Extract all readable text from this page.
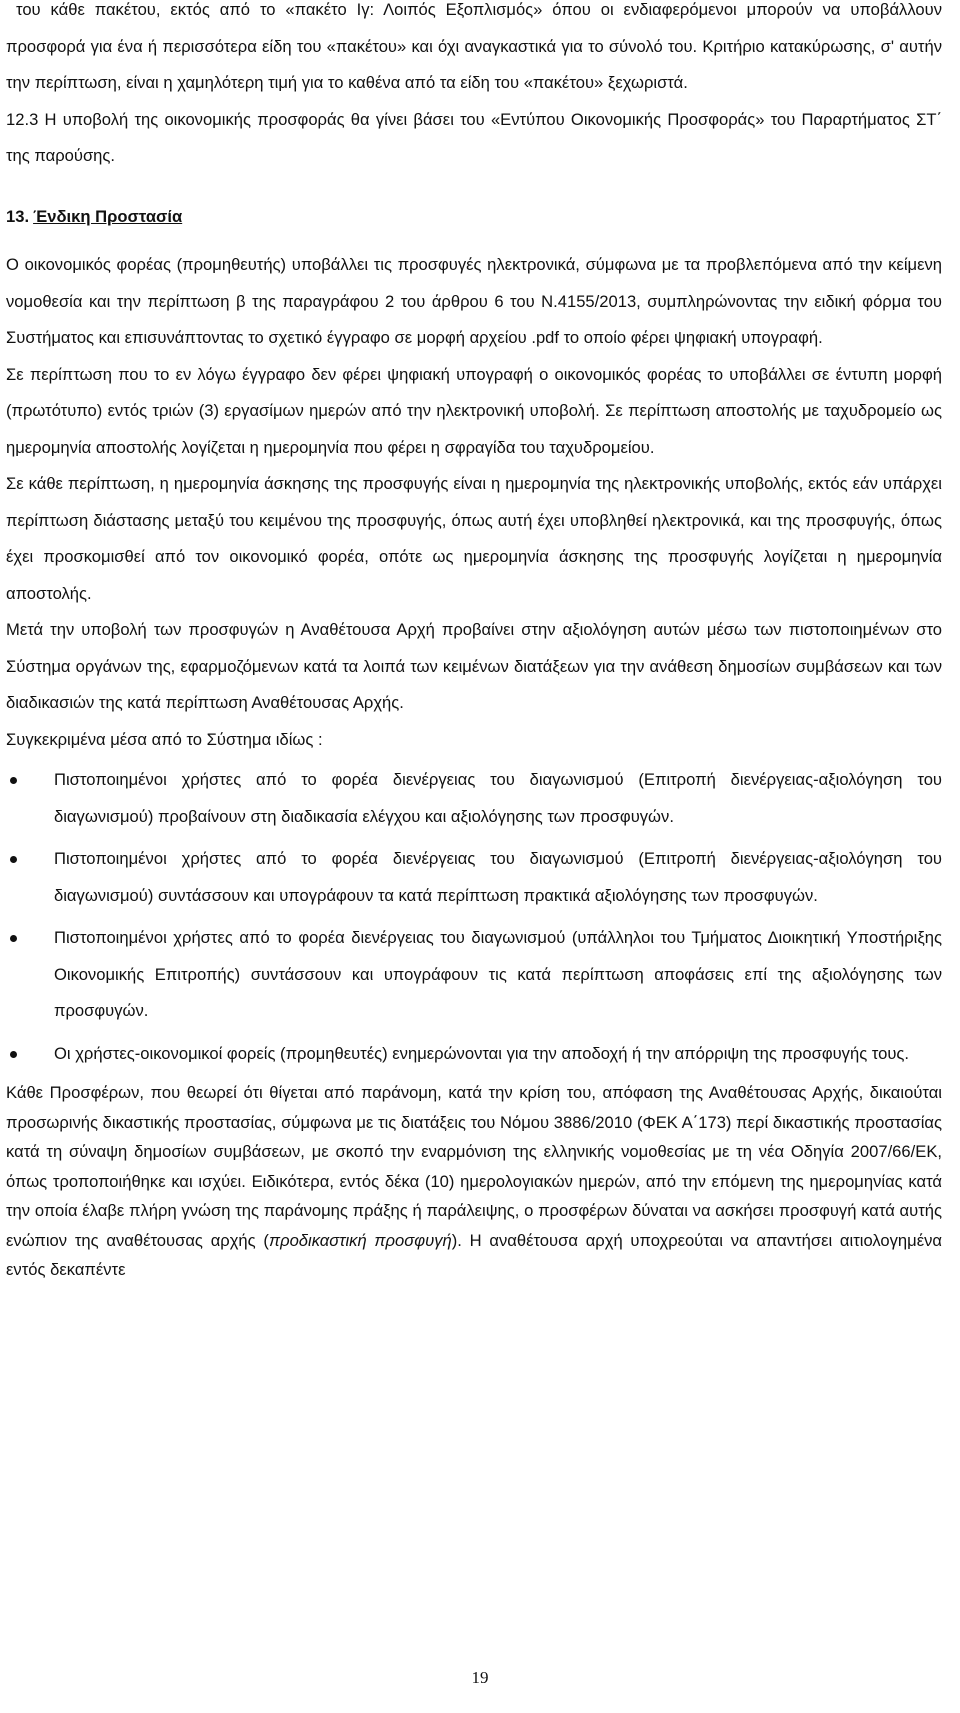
του κάθε πακέτου, εκτός από το «πακέτο Ιγ: Λοιπός Εξοπλισμός» όπου οι ενδιαφερόμενοι μπορούν να υποβάλλουν προσφορά για ένα ή περισσότερα είδη του «πακέτου» και όχι αναγκαστικά για το σύνολό του. Κριτήριο κατακύρωσης, σ' αυτήν την περίπτωση, είναι η χαμηλότερη τιμή για το καθένα από τα είδη του «πακέτου» ξεχωριστά.

12.3 Η υποβολή της οικονομικής προσφοράς θα γίνει βάσει του «Εντύπου Οικονομικής Προσφοράς» του Παραρτήματος ΣΤ΄ της παρούσης.

13. Ένδικη Προστασία

Ο οικονομικός φορέας (προμηθευτής) υποβάλλει τις προσφυγές ηλεκτρονικά, σύμφωνα με τα προβλεπόμενα από την κείμενη νομοθεσία και την περίπτωση β της παραγράφου 2 του άρθρου 6 του Ν.4155/2013, συμπληρώνοντας την ειδική φόρμα του Συστήματος και επισυνάπτοντας το σχετικό έγγραφο σε μορφή αρχείου .pdf το οποίο φέρει ψηφιακή υπογραφή.

Σε περίπτωση που το εν λόγω έγγραφο δεν φέρει ψηφιακή υπογραφή ο οικονομικός φορέας το υποβάλλει σε έντυπη μορφή (πρωτότυπο) εντός τριών (3) εργασίμων ημερών από την ηλεκτρονική υποβολή. Σε περίπτωση αποστολής με ταχυδρομείο ως ημερομηνία αποστολής λογίζεται η ημερομηνία που φέρει η σφραγίδα του ταχυδρομείου.

Σε κάθε περίπτωση, η ημερομηνία άσκησης της προσφυγής είναι η ημερομηνία της ηλεκτρονικής υποβολής, εκτός εάν υπάρχει περίπτωση διάστασης μεταξύ του κειμένου της προσφυγής, όπως αυτή έχει υποβληθεί ηλεκτρονικά, και της προσφυγής, όπως έχει προσκομισθεί από τον οικονομικό φορέα, οπότε ως ημερομηνία άσκησης της προσφυγής λογίζεται η ημερομηνία αποστολής.

Μετά την υποβολή των προσφυγών η Αναθέτουσα Αρχή προβαίνει στην αξιολόγηση αυτών μέσω των πιστοποιημένων στο Σύστημα οργάνων της, εφαρμοζόμενων κατά τα λοιπά των κειμένων διατάξεων για την ανάθεση δημοσίων συμβάσεων και των διαδικασιών της κατά περίπτωση Αναθέτουσας Αρχής.

Συγκεκριμένα μέσα από το Σύστημα ιδίως :

Πιστοποιημένοι χρήστες από το φορέα διενέργειας του διαγωνισμού (Επιτροπή διενέργειας-αξιολόγηση του διαγωνισμού) προβαίνουν στη διαδικασία ελέγχου και αξιολόγησης των προσφυγών.
Πιστοποιημένοι χρήστες από το φορέα διενέργειας του διαγωνισμού (Επιτροπή διενέργειας-αξιολόγηση του διαγωνισμού) συντάσσουν και υπογράφουν τα κατά περίπτωση πρακτικά αξιολόγησης των προσφυγών.
Πιστοποιημένοι χρήστες από το φορέα διενέργειας του διαγωνισμού (υπάλληλοι του Τμήματος Διοικητική Υποστήριξης Οικονομικής Επιτροπής) συντάσσουν και υπογράφουν τις κατά περίπτωση αποφάσεις επί της αξιολόγησης των προσφυγών.
Οι χρήστες-οικονομικοί φορείς (προμηθευτές) ενημερώνονται για την αποδοχή ή την απόρριψη της προσφυγής τους.

Κάθε Προσφέρων, που θεωρεί ότι θίγεται από παράνομη, κατά την κρίση του, απόφαση της Αναθέτουσας Αρχής, δικαιούται προσωρινής δικαστικής προστασίας, σύμφωνα με τις διατάξεις του Νόμου 3886/2010 (ΦΕΚ Α΄173) περί δικαστικής προστασίας κατά τη σύναψη δημοσίων συμβάσεων, με σκοπό την εναρμόνιση της ελληνικής νομοθεσίας με τη νέα Οδηγία 2007/66/ΕΚ, όπως τροποποιήθηκε και ισχύει. Ειδικότερα, εντός δέκα (10) ημερολογιακών ημερών, από την επόμενη της ημερομηνίας κατά την οποία έλαβε πλήρη γνώση της παράνομης πράξης ή παράλειψης, ο προσφέρων δύναται να ασκήσει προσφυγή κατά αυτής ενώπιον της αναθέτουσας αρχής (προδικαστική προσφυγή). Η αναθέτουσα αρχή υποχρεούται να απαντήσει αιτιολογημένα εντός δεκαπέντε

19
